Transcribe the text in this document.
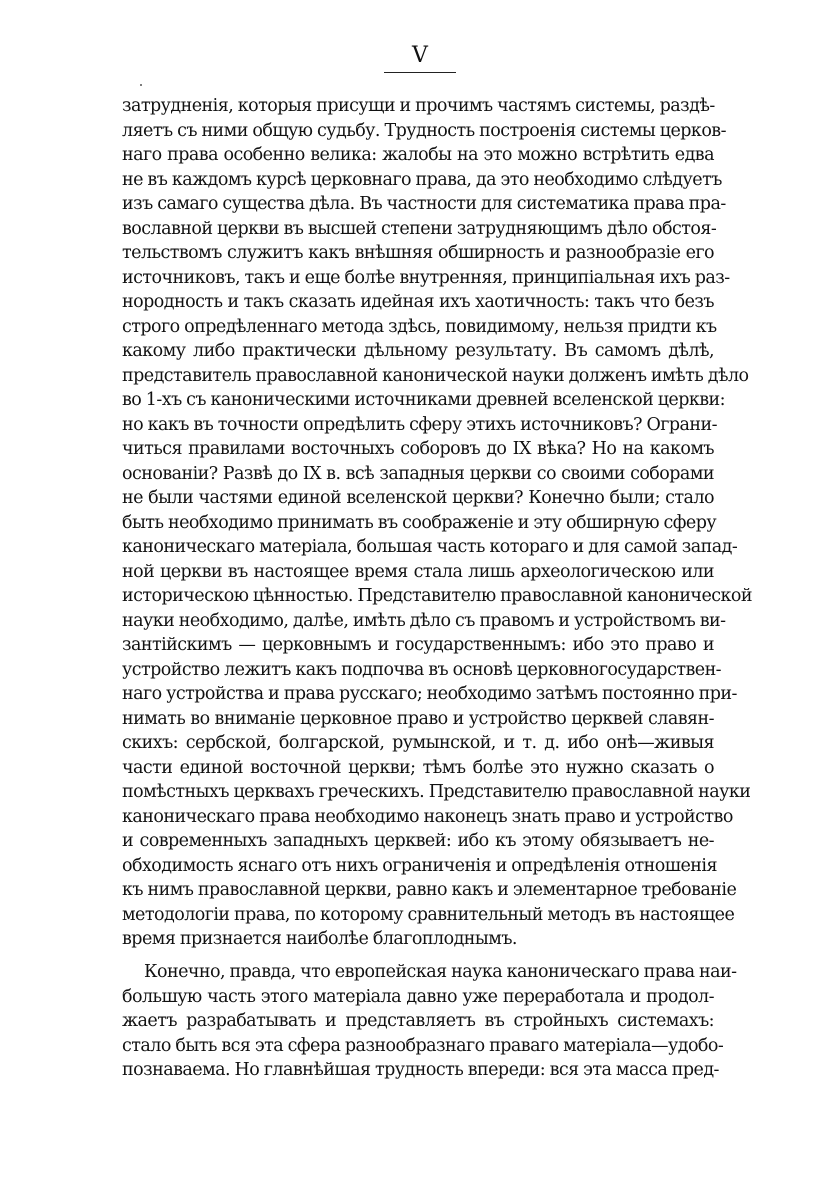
V
затрудненія, которыя присущи и прочимъ частямъ системы, раздѣ-
ляетъ съ ними общую судьбу. Трудность построенія системы церков-
наго права особенно велика: жалобы на это можно встрѣтить едва
не въ каждомъ курсѣ церковнаго права, да это необходимо слѣдуетъ
изъ самаго существа дѣла. Въ частности для систематика права пра-
вославной церкви въ высшей степени затрудняющимъ дѣло обстоя-
тельствомъ служитъ какъ внѣшняя обширность и разнообразіе его
источниковъ, такъ и еще болѣе внутренняя, принципіальная ихъ раз-
нородность и такъ сказать идейная ихъ хаотичность: такъ что безъ
строго опредѣленнаго метода здѣсь, повидимому, нельзя придти къ
какому либо практически дѣльному результату. Въ самомъ дѣлѣ,
представитель православной канонической науки долженъ имѣть дѣло
во 1-хъ съ каноническими источниками древней вселенской церкви:
но какъ въ точности опредѣлить сферу этихъ источниковъ? Ограни-
читься правилами восточныхъ соборовъ до IX вѣка? Но на какомъ
основаніи? Развѣ до IX в. всѣ западныя церкви со своими соборами
не были частями единой вселенской церкви? Конечно были; стало
быть необходимо принимать въ соображеніе и эту обширную сферу
каноническаго матеріала, большая часть котораго и для самой запад-
ной церкви въ настоящее время стала лишь археологическою или
историческою цѣнностью. Представителю православной канонической
науки необходимо, далѣе, имѣть дѣло съ правомъ и устройствомъ ви-
зантійскимъ — церковнымъ и государственнымъ: ибо это право и
устройство лежитъ какъ подпочва въ основѣ церковногосударствен-
наго устройства и права русскаго; необходимо затѣмъ постоянно при-
нимать во вниманіе церковное право и устройство церквей славян-
скихъ: сербской, болгарской, румынской, и т. д. ибо онѣ—живыя
части единой восточной церкви; тѣмъ болѣе это нужно сказать о
помѣстныхъ церквахъ греческихъ. Представителю православной науки
каноническаго права необходимо наконецъ знать право и устройство
и современныхъ западныхъ церквей: ибо къ этому обязываетъ не-
обходимость яснаго отъ нихъ ограниченія и опредѣленія отношенія
къ нимъ православной церкви, равно какъ и элементарное требованіе
методологіи права, по которому сравнительный методъ въ настоящее
время признается наиболѣе благоплоднымъ.
Конечно, правда, что европейская наука каноническаго права наи-
большую часть этого матеріала давно уже переработала и продол-
жаетъ разрабатывать и представляетъ въ стройныхъ системахъ:
стало быть вся эта сфера разнообразнаго праваго матеріала—удобо-
познаваема. Но главнѣйшая трудность впереди: вся эта масса пред-
